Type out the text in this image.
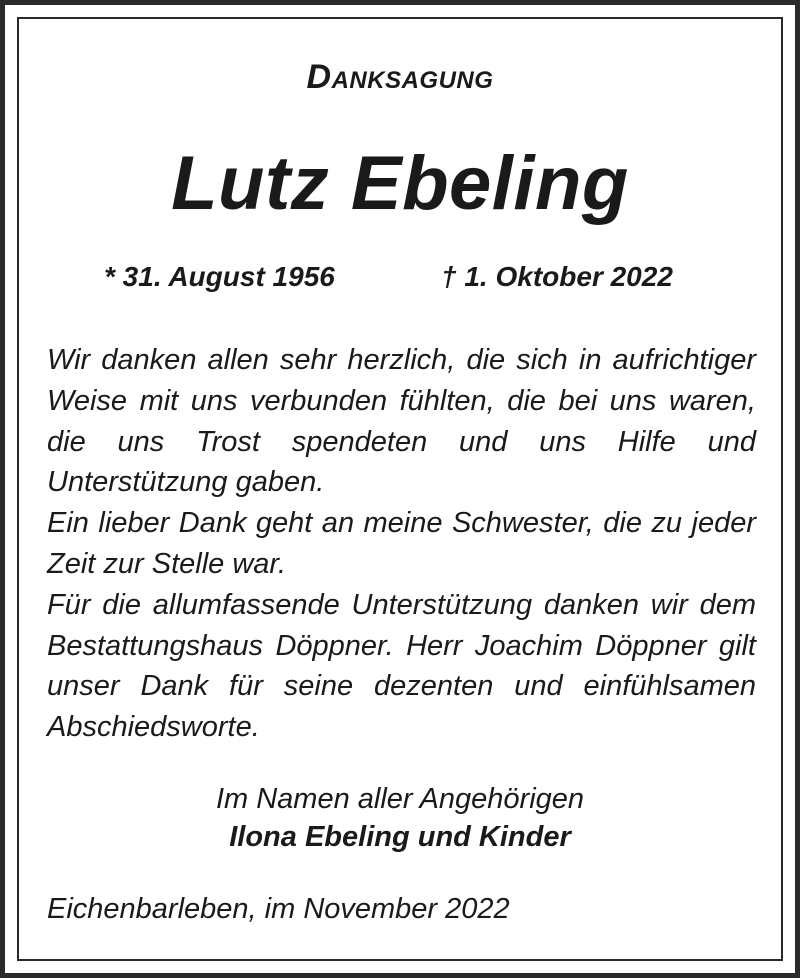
Danksagung
Lutz Ebeling
* 31. August 1956	† 1. Oktober 2022

Wir danken allen sehr herzlich, die sich in aufrichtiger Weise mit uns verbunden fühlten, die bei uns waren, die uns Trost spendeten und uns Hilfe und Unterstützung gaben.

Ein lieber Dank geht an meine Schwester, die zu jeder Zeit zur Stelle war.

Für die allumfassende Unterstützung danken wir dem Bestattungshaus Döppner. Herr Joachim Döppner gilt unser Dank für seine dezenten und einfühlsamen Abschiedsworte.

Im Namen aller Angehörigen
Ilona Ebeling und Kinder
Eichenbarleben, im November 2022
